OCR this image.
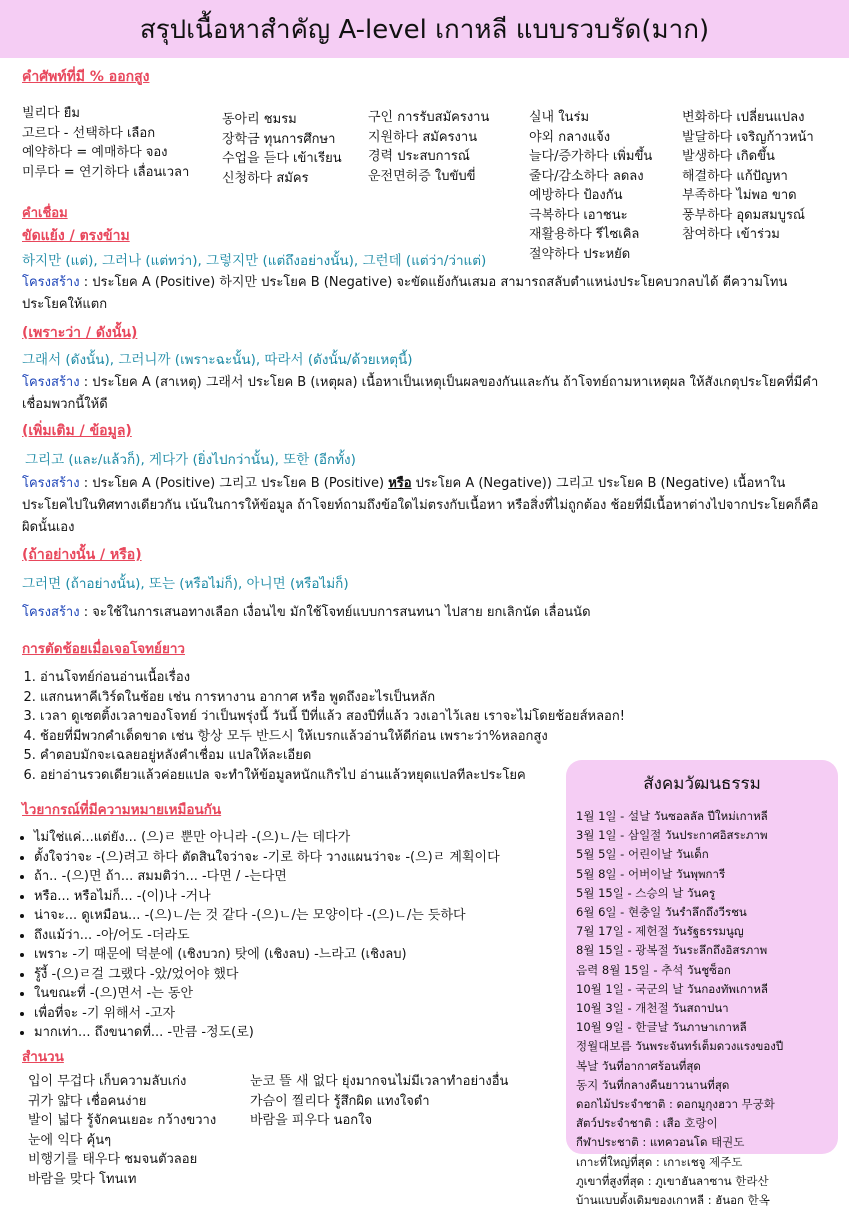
สรุปเนื้อหาสำคัญ A-level เกาหลี แบบรวบรัด(มาก)
คำศัพท์ที่มี % ออกสูง
빌리다 ยืม
고르다 - 선택하다 เลือก
예약하다 = 예매하다 จอง
미루다 = 연기하다 เลื่อนเวลา
동아리 ชมรม
장학금 ทุนการศึกษา
수업을 듣다 เข้าเรียน
신청하다 สมัคร
구인 การรับสมัครงาน
지원하다 สมัครงาน
경력 ประสบการณ์
운전면허증 ใบขับขี่
실내 ในร่ม
야외 กลางแจ้ง
늘다/증가하다 เพิ่มขึ้น
줄다/감소하다 ลดลง
예방하다 ป้องกัน
극복하다 เอาชนะ
재활용하다 รีไซเคิล
절약하다 ประหยัด
변화하다 เปลี่ยนแปลง
발달하다 เจริญก้าวหน้า
발생하다 เกิดขึ้น
해결하다 แก้ปัญหา
부족하다 ไม่พอ ขาด
풍부하다 อุดมสมบูรณ์
참여하다 เข้าร่วม
คำเชื่อม
ขัดแย้ง / ตรงข้าม
하지만 (แต่), 그러나 (แต่ทว่า), 그렇지만 (แต่ถึงอย่างนั้น), 그런데 (แต่ว่า/ว่าแต่)
โครงสร้าง : ประโยค A (Positive) 하지만 ประโยค B (Negative) จะขัดแย้งกันเสมอ สามารถสลับตำแหน่งประโยคบวกลบได้ ตีความโทนประโยคให้แตก
(เพราะว่า / ดังนั้น)
그래서 (ดังนั้น), 그러니까 (เพราะฉะนั้น), 따라서 (ดังนั้น/ด้วยเหตุนี้)
โครงสร้าง : ประโยค A (สาเหตุ) 그래서 ประโยค B (เหตุผล) เนื้อหาเป็นเหตุเป็นผลของกันและกัน ถ้าโจทย์ถามหาเหตุผล ให้สังเกตุประโยคที่มีคำเชื่อมพวกนี้ให้ดี
(เพิ่มเติม / ข้อมูล)
그리고 (และ/แล้วก็), 게다가 (ยิ่งไปกว่านั้น), 또한 (อีกทั้ง)
โครงสร้าง : ประโยค A (Positive) 그리고 ประโยค B (Positive) หรือ ประโยค A (Negative)) 그리고 ประโยค B (Negative) เนื้อหาในประโยคไปในทิศทางเดียวกัน เน้นในการให้ข้อมูล ถ้าโจยท์ถามถึงข้อใดไม่ตรงกับเนื้อหา หรือสิ่งที่ไม่ถูกต้อง ช้อยที่มีเนื้อหาต่างไปจากประโยคก็คือผิดนั้นเอง
(ถ้าอย่างนั้น / หรือ)
그러면 (ถ้าอย่างนั้น), 또는 (หรือไม่ก็), 아니면 (หรือไม่ก็)
โครงสร้าง : จะใช้ในการเสนอทางเลือก เงื่อนไข มักใช้โจทย์แบบการสนทนา ไปสาย ยกเลิกนัด เลื่อนนัด
การตัดช้อยเมื่อเจอโจทย์ยาว
1. อ่านโจทย์ก่อนอ่านเนื้อเรื่อง
2. แสกนหาคีเวิร์ดในช้อย เช่น การหางาน อากาศ หรือ พูดถึงอะไรเป็นหลัก
3. เวลา ดูเซตติ้งเวลาของโจทย์ ว่าเป็นพรุ่งนี้ วันนี้ ปีที่แล้ว สองปีที่แล้ว วงเอาไว้เลย เราจะไม่โดยช้อยส์หลอก!
4. ช้อยที่มีพวกคำเด็ดขาด เช่น 항상 모두 반드시 ให้เบรกแล้วอ่านให้ดีก่อน เพราะว่า%หลอกสูง
5. คำตอบมักจะเฉลยอยู่หลังคำเชื่อม แปลให้ละเอียด
6. อย่าอ่านรวดเดียวแล้วค่อยแปล จะทำให้ข้อมูลหนักแกิรไป อ่านแล้วหยุดแปลทีละประโยค
ไวยากรณ์ที่มีความหมายเหมือนกัน
• ไม่ใช่แค่...แต่ยัง... (으)ㄹ 뿐만 아니라 -(으)ㄴ/는 데다가
• ตั้งใจว่าจะ -(으)려고 하다 ตัดสินใจว่าจะ -기로 하다 วางแผนว่าจะ -(으)ㄹ 계획이다
• ถ้า.. -(으)면 ถ้า... สมมติว่า... -다면 / -는다면
• หรือ... หรือไม่ก็... -(이)나 -거나
• น่าจะ... ดูเหมือน... -(으)ㄴ/는 것 같다 -(으)ㄴ/는 모양이다 -(으)ㄴ/는 듯하다
• ถึงแม้ว่า... -아/어도 -더라도
• เพราะ -기 때문에 덕분에 (เชิงบวก) 탓에 (เชิงลบ) -느라고 (เชิงลบ)
• รู้งี้ -(으)ㄹ걸 그랬다 -았/었어야 했다
• ในขณะที่ -(으)면서 -는 동안
• เพื่อที่จะ -기 위해서 -고자
• มากเท่า... ถึงขนาดที่... -만큼 -정도(로)
สำนวน
입이 무겁다 เก็บความลับเก่ง
귀가 얇다 เชื่อคนง่าย
발이 넓다 รู้จักคนเยอะ กว้างขวาง
눈에 익다 คุ้นๆ
비행기를 태우다 ชมจนตัวลอย
바람을 맞다 โทนเท
눈코 뜰 새 없다 ยุ่งมากจนไม่มีเวลาทำอย่างอื่น
가슴이 찔리다 รู้สึกผิด แทงใจดำ
바람을 피우다 นอกใจ
สังคมวัฒนธรรม
1월 1일 - 설날 วันซอลลัล ปีใหม่เกาหลี
3월 1일 - 삼일절 วันประกาศอิสระภาพ
5월 5일 - 어린이날 วันเด็ก
5월 8일 - 어버이날 วันพุพการี
5월 15일 - 스승의 날 วันครู
6월 6일 - 현충일 วันรำลึกถึงวีรชน
7월 17일 - 제헌절 วันรัฐธรรมนูญ
8월 15일 - 광복절 วันระลึกถึงอิสรภาพ
음력 8월 15일 - 추석 วันชูซ็อก
10월 1일 - 국군의 날 วันกองทัพเกาหลี
10월 3일 - 개천절 วันสถาปนา
10월 9일 - 한글날 วันภาษาเกาหลี
정월대보름 วันพระจันทร์เต็มดวงแรงของปี
복날 วันที่อากาศร้อนที่สุด
동지 วันที่กลางคืนยาวนานที่สุด
ดอกไม้ประจำชาติ : ดอกมูกุงฮวา 무궁화
สัตว์ประจำชาติ : เสือ 호랑이
กีฬาประชาติ : แทควอนโด 태권도
เกาะที่ใหญ่ที่สุด : เกาะเชจู 제주도
ภูเขาที่สูงที่สุด : ภูเขาฮันลาซาน 한라산
บ้านแบบดั้งเดิมของเกาหลี : ฮันอก 한옥
